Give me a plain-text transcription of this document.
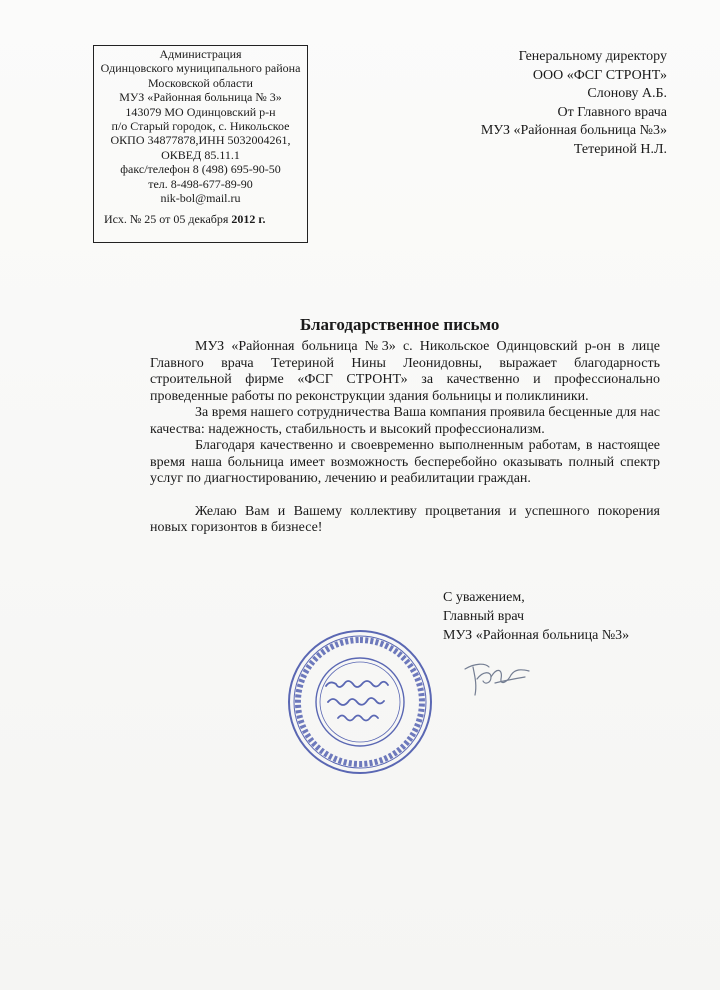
Администрация
Одинцовского муниципального района
Московской области
МУЗ «Районная больница № 3»
143079 МО Одинцовский р-н
п/о Старый городок, с. Никольское
ОКПО 34877878,ИНН 5032004261,
ОКВЕД 85.11.1
факс/телефон 8 (498) 695-90-50
тел. 8-498-677-89-90
nik-bol@mail.ru
Исх. № 25 от 05 декабря 2012 г.
Генеральному директору
ООО «ФСГ СТРОНТ»
Слонову А.Б.
От Главного врача
МУЗ «Районная больница №3»
Тетериной Н.Л.
Благодарственное письмо

МУЗ «Районная больница №3» с. Никольское Одинцовский р-он в лице Главного врача Тетериной Нины Леонидовны, выражает благодарность строительной фирме «ФСГ СТРОНТ» за качественно и профессионально проведенные работы по реконструкции здания больницы и поликлиники.

За время нашего сотрудничества Ваша компания проявила бесценные для нас качества: надежность, стабильность и высокий профессионализм.

Благодаря качественно и своевременно выполненным работам, в настоящее время наша больница имеет возможность бесперебойно оказывать полный спектр услуг по диагностированию, лечению и реабилитации граждан.

Желаю Вам и Вашему коллективу процветания и успешного покорения новых горизонтов в бизнесе!

С уважением,
Главный врач
МУЗ «Районная больница №3»
